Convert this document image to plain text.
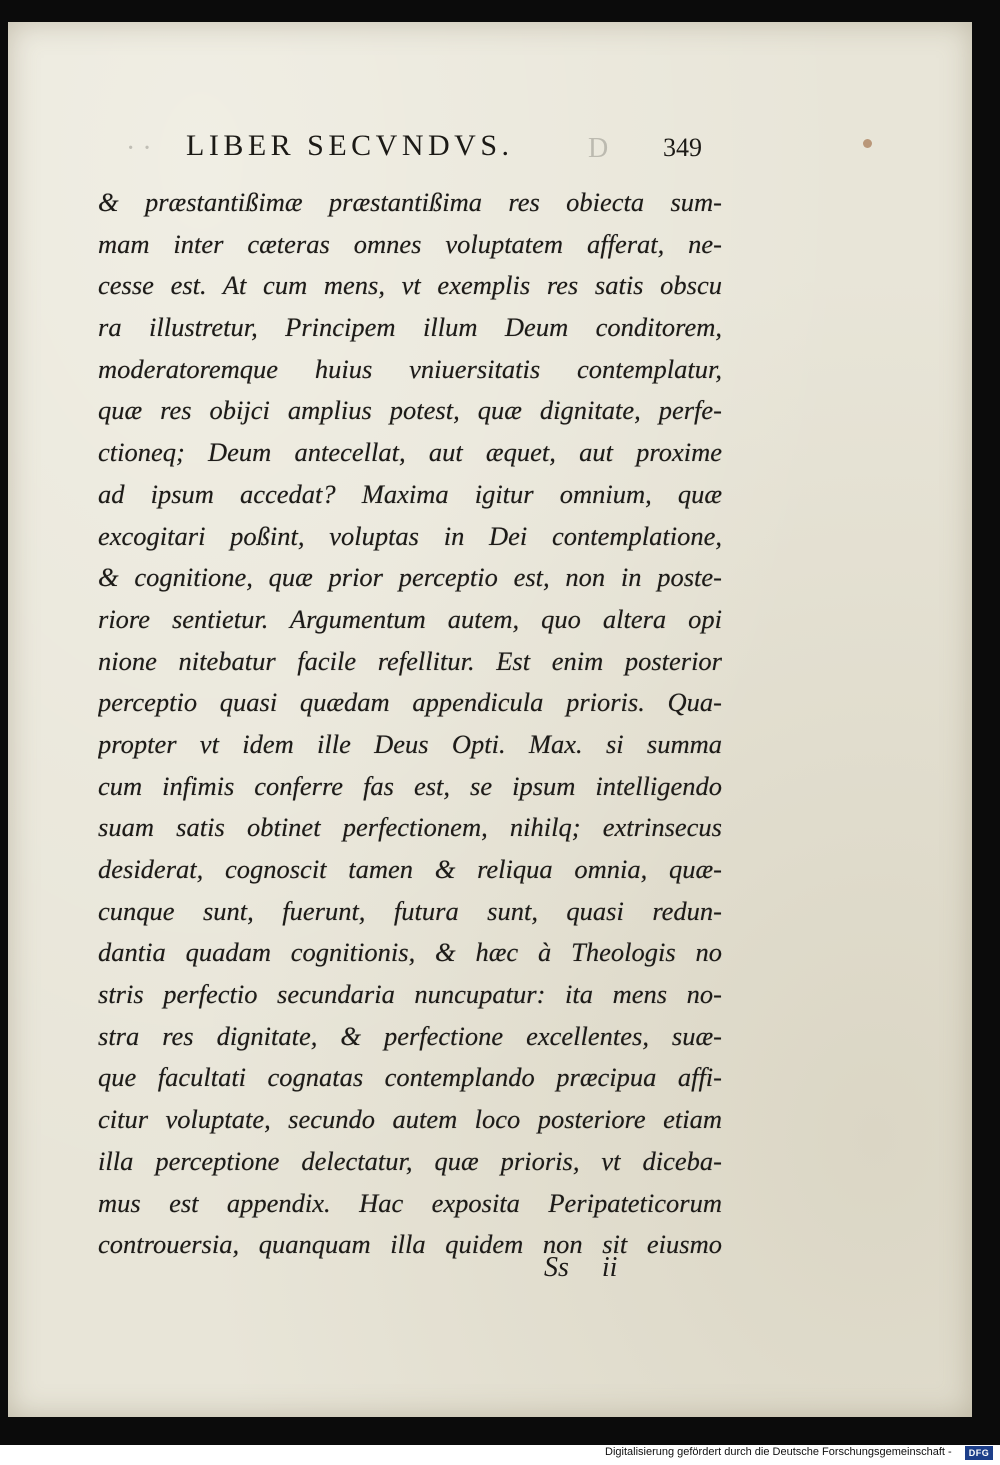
· · LIBER SECVNDVS.	D 349
& præstantißimæ præstantißima res obiecta sum-
mam inter cæteras omnes voluptatem afferat, ne-
cesse est. At cum mens, vt exemplis res satis obscu
ra illustretur, Principem illum Deum conditorem,
moderatoremque huius vniuersitatis contemplatur,
quæ res obijci amplius potest, quæ dignitate, perfe-
ctioneq; Deum antecellat, aut æquet, aut proxime
ad ipsum accedat? Maxima igitur omnium, quæ
excogitari poßint, voluptas in Dei contemplatione,
& cognitione, quæ prior perceptio est, non in poste-
riore sentietur. Argumentum autem, quo altera opi
nione nitebatur facile refellitur. Est enim posterior
perceptio quasi quædam appendicula prioris. Qua-
propter vt idem ille Deus Opti. Max. si summa
cum infimis conferre fas est, se ipsum intelligendo
suam satis obtinet perfectionem, nihilq; extrinsecus
desiderat, cognoscit tamen & reliqua omnia, quæ-
cunque sunt, fuerunt, futura sunt, quasi redun-
dantia quadam cognitionis, & hæc à Theologis no
stris perfectio secundaria nuncupatur: ita mens no-
stra res dignitate, & perfectione excellentes, suæ-
que facultati cognatas contemplando præcipua affi-
citur voluptate, secundo autem loco posteriore etiam
illa perceptione delectatur, quæ prioris, vt diceba-
mus est appendix. Hac exposita Peripateticorum
controuersia, quanquam illa quidem non sit eiusmo
Ss ii
Digitalisierung gefördert durch die Deutsche Forschungsgemeinschaft -	DFG
